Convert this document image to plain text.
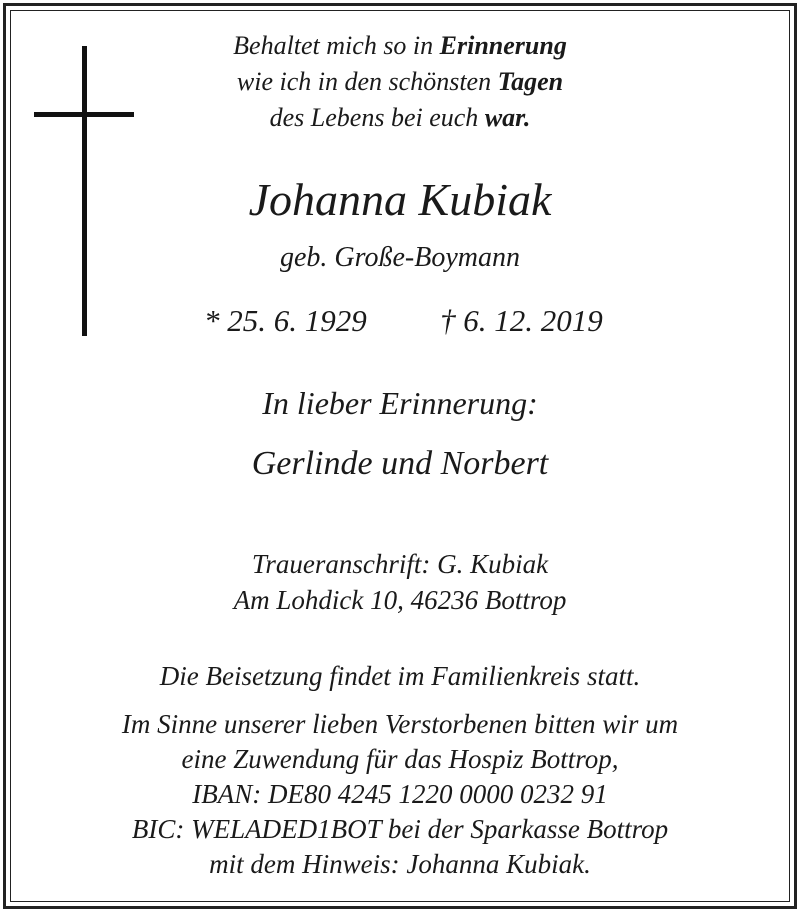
Behaltet mich so in Erinnerung
wie ich in den schönsten Tagen
des Lebens bei euch war.
Johanna Kubiak
geb. Große-Boymann
* 25. 6. 1929 † 6. 12. 2019
In lieber Erinnerung:
Gerlinde und Norbert
Traueranschrift: G. Kubiak
Am Lohdick 10, 46236 Bottrop
Die Beisetzung findet im Familienkreis statt.
Im Sinne unserer lieben Verstorbenen bitten wir um
eine Zuwendung für das Hospiz Bottrop,
IBAN: DE80 4245 1220 0000 0232 91
BIC: WELADED1BOT bei der Sparkasse Bottrop
mit dem Hinweis: Johanna Kubiak.
